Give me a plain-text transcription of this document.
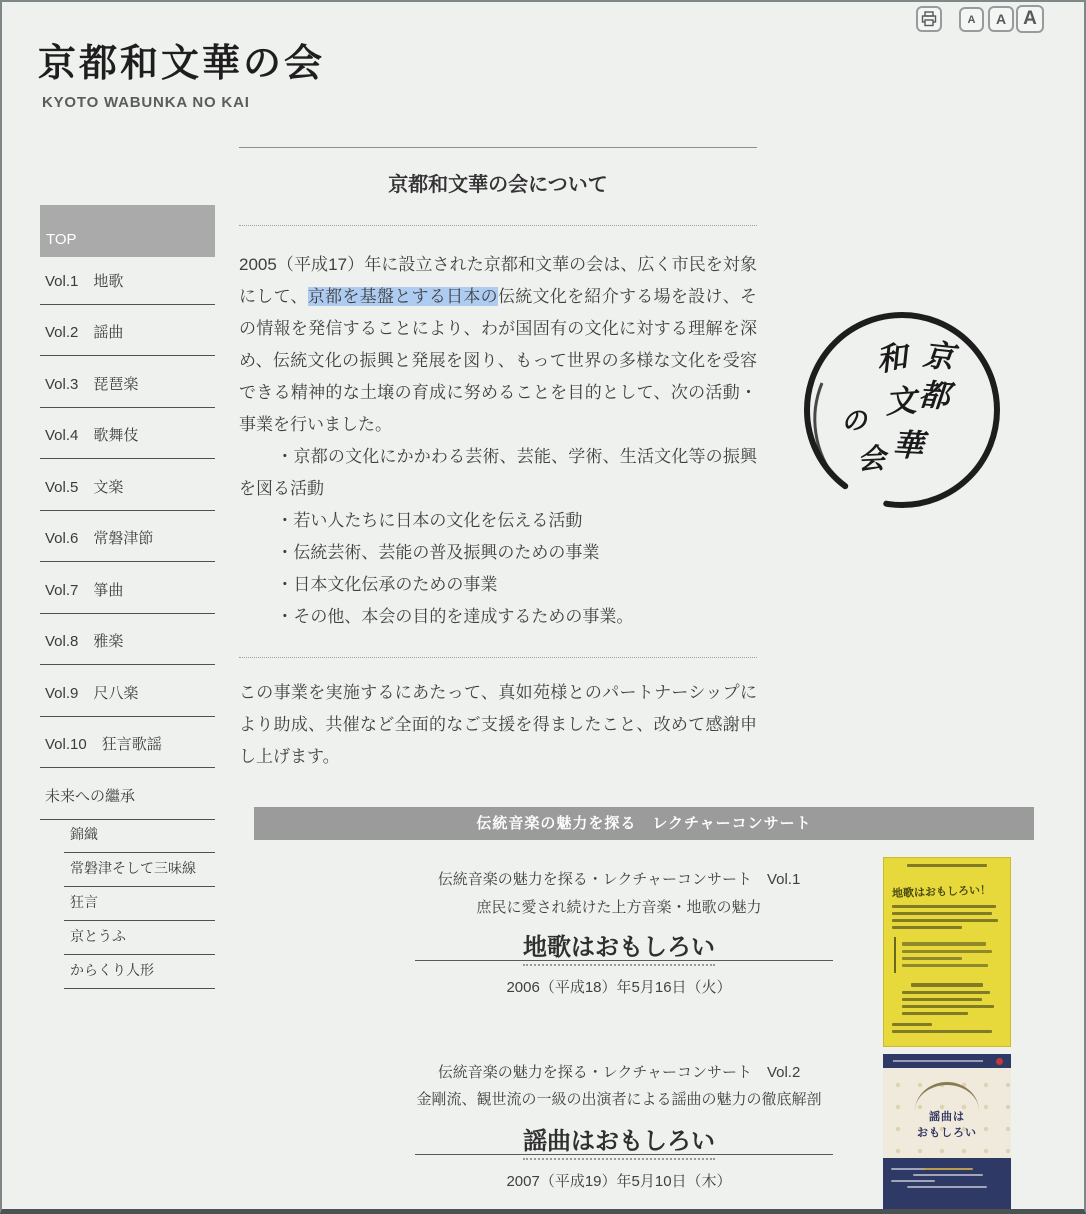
A A A
京都和文華の会
KYOTO WABUNKA NO KAI
TOP
Vol.1　地歌
Vol.2　謡曲
Vol.3　琵琶楽
Vol.4　歌舞伎
Vol.5　文楽
Vol.6　常磐津節
Vol.7　箏曲
Vol.8　雅楽
Vol.9　尺八楽
Vol.10　狂言歌謡
未来への繼承
錦織
常磐津そして三味線
狂言
京とうふ
からくり人形
京都和文華の会について

2005（平成17）年に設立された京都和文華の会は、広く市民を対象にして、京都を基盤とする日本の伝統文化を紹介する場を設け、その情報を発信することにより、わが国固有の文化に対する理解を深め、伝統文化の振興と発展を図り、もって世界の多様な文化を受容できる精神的な土壌の育成に努めることを目的として、次の活動・事業を行いました。

・京都の文化にかかわる芸術、芸能、学術、生活文化等の振興を図る活動

・若い人たちに日本の文化を伝える活動

・伝統芸術、芸能の普及振興のための事業

・日本文化伝承のための事業

・その他、本会の目的を達成するための事業。

この事業を実施するにあたって、真如苑様とのパートナーシップにより助成、共催など全面的なご支援を得ましたこと、改めて感謝申し上げます。

京
都
和
文
華
の
会
伝統音楽の魅力を探る　レクチャーコンサート
伝統音楽の魅力を探る・レクチャーコンサート　Vol.1
庶民に愛され続けた上方音楽・地歌の魅力
地歌はおもしろい
2006（平成18）年5月16日（火）
地歌はおもしろい！
伝統音楽の魅力を探る・レクチャーコンサート　Vol.2
金剛流、観世流の一級の出演者による謡曲の魅力の徹底解剖
謡曲はおもしろい
2007（平成19）年5月10日（木）
謡曲は
おもしろい
